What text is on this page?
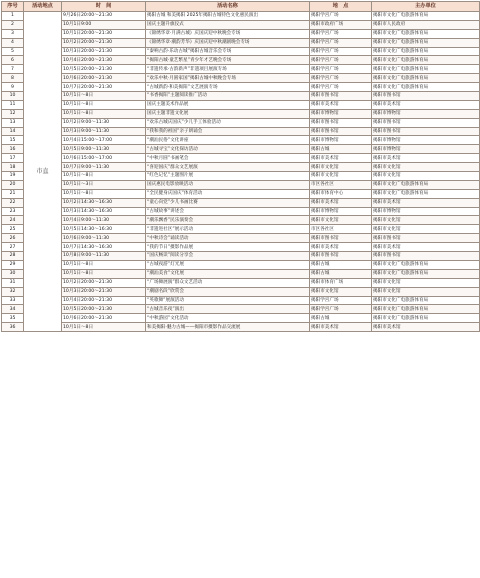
序号	活动地点	时　间	活动名称	地　点	主办单位
1	市直	9月26日20:00～21:30	揭阳古城 和美揭阳 2025年揭阳古城特色文化惠民演出	揭阳学宫广场	揭阳市文化广电旅游体育局
2		10月1日9:00	国庆主题升旗仪式	揭阳市政府广场	揭阳市人民政府
3		10月1日20:00～21:30	《锦绣华章·月满古城》庆国庆迎中秋晚会专场	揭阳学宫广场	揭阳市文化广电旅游体育局
4		10月2日20:00～21:30	《锦绣华章·潮韵芳华》庆国庆迎中秋潮剧晚会专场	揭阳学宫广场	揭阳市文化广电旅游体育局
5		10月3日20:00～21:30	“秦响古韵·乐动古城”揭阳古城音乐会专场	揭阳学宫广场	揭阳市文化广电旅游体育局
6		10月4日20:00～21:30	“揭阳古城·童艺繁星”青少年才艺晚会专场	揭阳学宫广场	揭阳市文化广电旅游体育局
7		10月5日20:00～21:30	“非遗传承·古韵新声”非遗项目展演专场	揭阳学宫广场	揭阳市文化广电旅游体育局
8		10月6日20:00～21:30	“欢乐中秋·月圆家国”揭阳古城中秋晚会专场	揭阳学宫广场	揭阳市文化广电旅游体育局
9		10月7日20:00～21:30	“古城新韵·和美揭阳”文艺展演专场	揭阳学宫广场	揭阳市文化广电旅游体育局
10		10月1日～8日	“书香揭阳”主题阅读推广活动	揭阳市图书馆	揭阳市图书馆
11		10月1日～8日	国庆主题美术作品展	揭阳市美术馆	揭阳市美术馆
12		10月1日～8日	国庆主题非遗文化展	揭阳市博物馆	揭阳市博物馆
13		10月2日9:00～11:30	“欢乐古城庆国庆”少儿手工体验活动	揭阳市图书馆	揭阳市图书馆
14		10月3日9:00～11:30	“我和我的祖国”亲子朗诵会	揭阳市图书馆	揭阳市图书馆
15		10月4日15:00～17:00	“潮汕民俗”文化讲座	揭阳市博物馆	揭阳市博物馆
16		10月5日9:00～11:30	“古城寻宝”文化探访活动	揭阳古城	揭阳市博物馆
17		10月6日15:00～17:00	“中秋月圆”书画笔会	揭阳市美术馆	揭阳市美术馆
18		10月7日9:00～11:30	“喜迎国庆”群众文艺展演	揭阳市文化馆	揭阳市文化馆
19		10月1日～8日	“红色记忆”主题图片展	揭阳市文化馆	揭阳市文化馆
20		10月1日～3日	国庆惠民电影放映活动	市区各社区	揭阳市文化广电旅游体育局
21		10月1日～8日	“全民健身庆国庆”体育活动	揭阳市体育中心	揭阳市文化广电旅游体育局
22		10月2日14:30～16:30	“童心向党”少儿书画比赛	揭阳市美术馆	揭阳市美术馆
23		10月3日14:30～16:30	“古城故事”讲述会	揭阳市博物馆	揭阳市博物馆
24		10月4日9:00～11:30	“潮乐飘香”民乐演奏会	揭阳市文化馆	揭阳市文化馆
25		10月5日14:30～16:30	“非遗进社区”展示活动	市区各社区	揭阳市文化馆
26		10月6日9:00～11:30	“中秋诗会”诵读活动	揭阳市图书馆	揭阳市图书馆
27		10月7日14:30～16:30	“我的节日”摄影作品展	揭阳市美术馆	揭阳市美术馆
28		10月8日9:00～11:30	“国庆畅读”阅读分享会	揭阳市图书馆	揭阳市图书馆
29		10月1日～8日	“古城夜游”灯光展	揭阳古城	揭阳市文化广电旅游体育局
30		10月1日～8日	“潮汕美食”文化展	揭阳古城	揭阳市文化广电旅游体育局
31		10月2日20:00～21:30	“广场舞展演”群众文艺活动	揭阳市体育广场	揭阳市文化馆
32		10月3日20:00～21:30	“潮剧名段”欣赏会	揭阳市文化馆	揭阳市文化馆
33		10月4日20:00～21:30	“英歌舞”展演活动	揭阳学宫广场	揭阳市文化广电旅游体育局
34		10月5日20:00～21:30	“古城音乐夜”演出	揭阳学宫广场	揭阳市文化广电旅游体育局
35		10月6日20:00～21:30	“中秋游园”文化活动	揭阳古城	揭阳市文化广电旅游体育局
36		10月1日～8日	和美揭阳·魅力古城——揭阳市摄影作品交流展	揭阳市美术馆	揭阳市美术馆
